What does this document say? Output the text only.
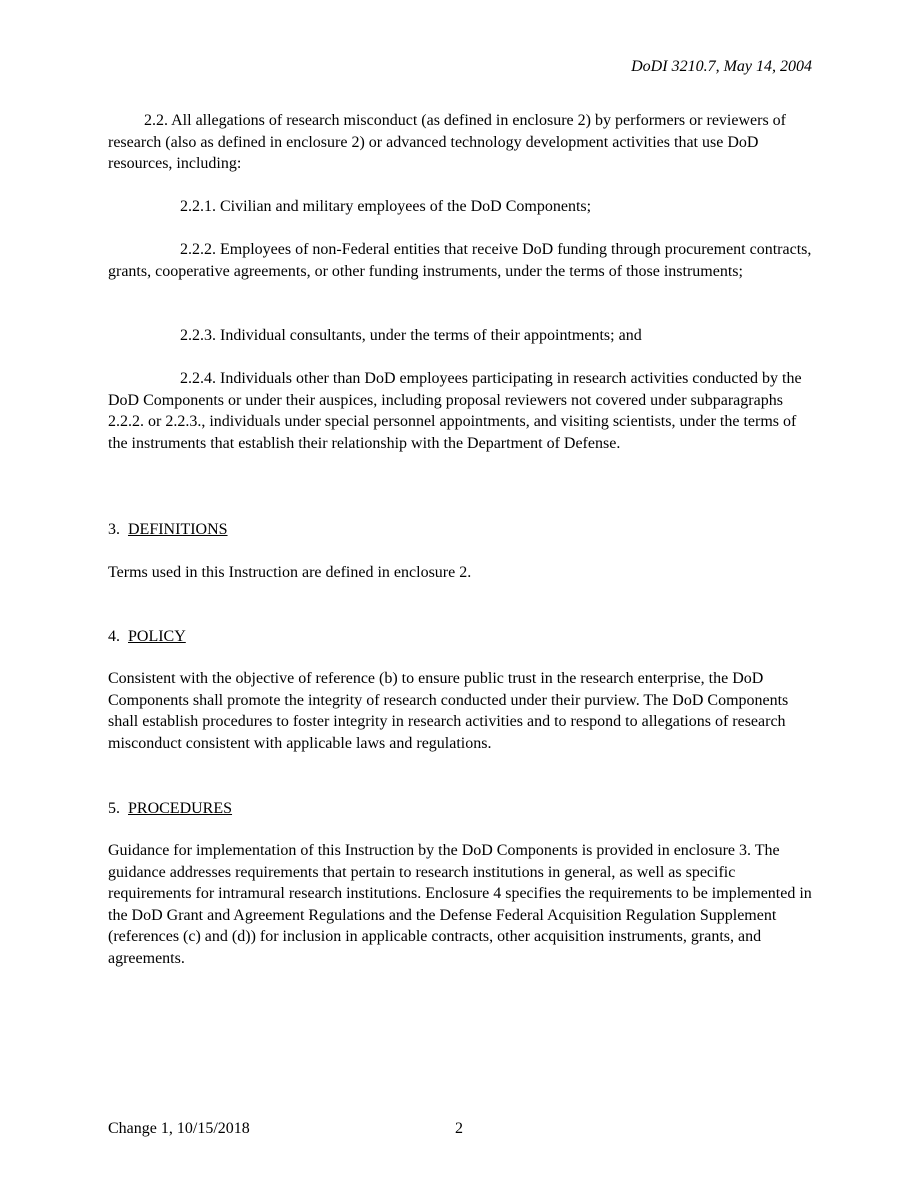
DoDI 3210.7, May 14, 2004

2.2. All allegations of research misconduct (as defined in enclosure 2) by performers or reviewers of research (also as defined in enclosure 2) or advanced technology development activities that use DoD resources, including:

2.2.1. Civilian and military employees of the DoD Components;

2.2.2. Employees of non-Federal entities that receive DoD funding through procurement contracts, grants, cooperative agreements, or other funding instruments, under the terms of those instruments;

2.2.3. Individual consultants, under the terms of their appointments; and

2.2.4. Individuals other than DoD employees participating in research activities conducted by the DoD Components or under their auspices, including proposal reviewers not covered under subparagraphs 2.2.2. or 2.2.3., individuals under special personnel appointments, and visiting scientists, under the terms of the instruments that establish their relationship with the Department of Defense.

3. DEFINITIONS

Terms used in this Instruction are defined in enclosure 2.

4. POLICY

Consistent with the objective of reference (b) to ensure public trust in the research enterprise, the DoD Components shall promote the integrity of research conducted under their purview. The DoD Components shall establish procedures to foster integrity in research activities and to respond to allegations of research misconduct consistent with applicable laws and regulations.

5. PROCEDURES

Guidance for implementation of this Instruction by the DoD Components is provided in enclosure 3. The guidance addresses requirements that pertain to research institutions in general, as well as specific requirements for intramural research institutions. Enclosure 4 specifies the requirements to be implemented in the DoD Grant and Agreement Regulations and the Defense Federal Acquisition Regulation Supplement (references (c) and (d)) for inclusion in applicable contracts, other acquisition instruments, grants, and agreements.

Change 1, 10/15/2018	2
